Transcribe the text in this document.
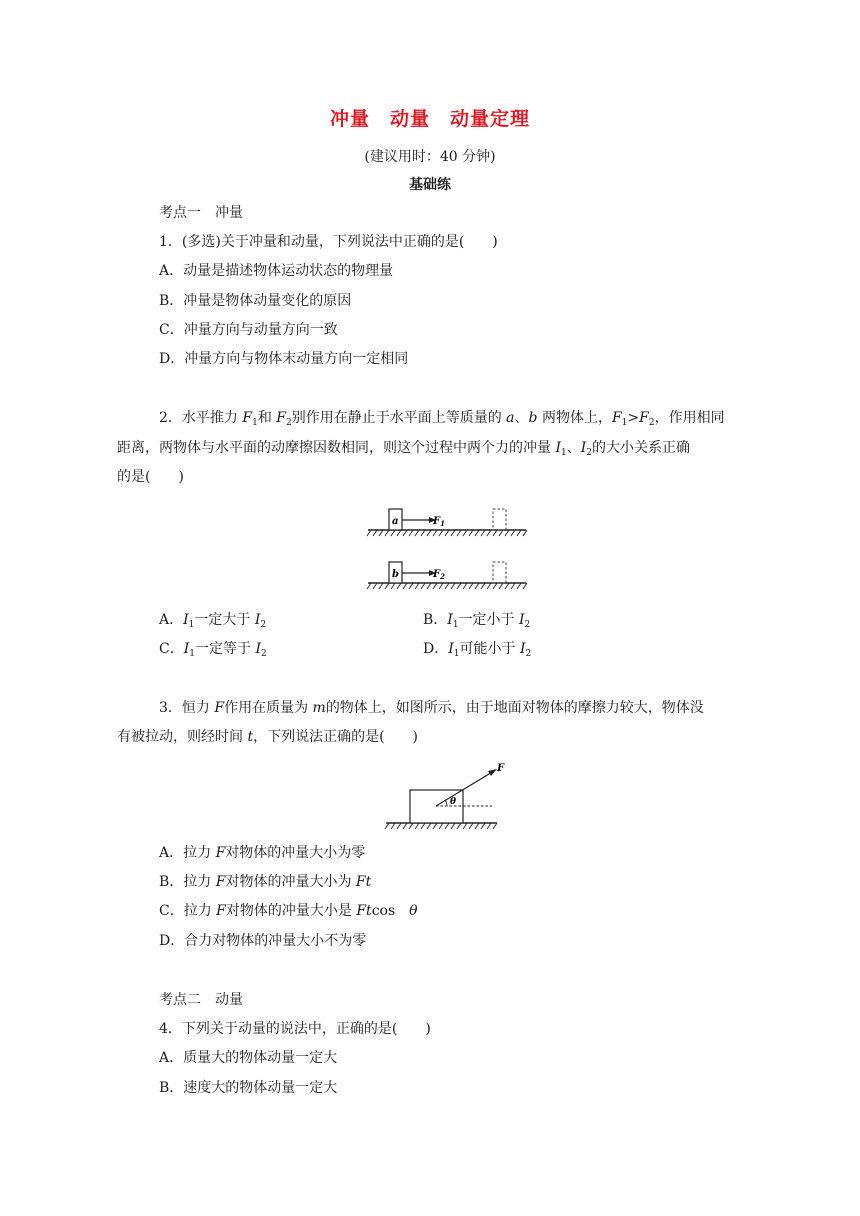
冲量　动量　动量定理
(建议用时：40 分钟)
基础练
考点一　冲量
1．(多选)关于冲量和动量，下列说法中正确的是(　　)
A．动量是描述物体运动状态的物理量
B．冲量是物体动量变化的原因
C．冲量方向与动量方向一致
D．冲量方向与物体末动量方向一定相同
2．水平推力 $F_1$和 $F_2$别作用在静止于水平面上等质量的 a、b 两物体上，$F_1>F_2$，作用相同
距离，两物体与水平面的动摩擦因数相同，则这个过程中两个力的冲量 $I_1$、$I_2$的大小关系正确
的是(　　)
a	$F_1$
b	$F_2$
A．$I_1$一定大于 $I_2$	B．$I_1$一定小于 $I_2$
C．$I_1$一定等于 $I_2$	D．$I_1$可能小于 $I_2$
3．恒力 F作用在质量为 m的物体上，如图所示，由于地面对物体的摩擦力较大，物体没
有被拉动，则经时间 t，下列说法正确的是(　　)
F
θ
A．拉力 F对物体的冲量大小为零
B．拉力 F对物体的冲量大小为 Ft
C．拉力 F对物体的冲量大小是 Ftcos　θ
D．合力对物体的冲量大小不为零
考点二　动量
4．下列关于动量的说法中，正确的是(　　)
A．质量大的物体动量一定大
B．速度大的物体动量一定大
